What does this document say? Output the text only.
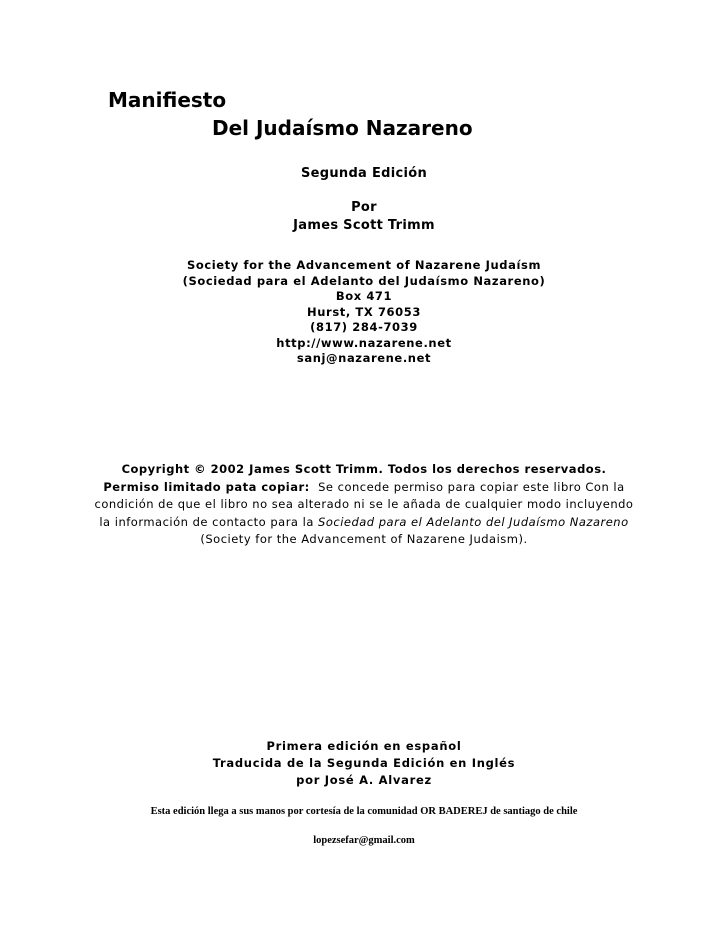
Manifiesto
Del Judaísmo Nazareno
Segunda Edición
Por
James Scott Trimm
Society for the Advancement of Nazarene Judaísm
(Sociedad para el Adelanto del Judaísmo Nazareno)
Box 471
Hurst, TX 76053
(817) 284-7039
http://www.nazarene.net
sanj@nazarene.net
Copyright © 2002 James Scott Trimm. Todos los derechos reservados.
Permiso limitado pata copiar: Se concede permiso para copiar este libro Con la
condición de que el libro no sea alterado ni se le añada de cualquier modo incluyendo
la información de contacto para la Sociedad para el Adelanto del Judaísmo Nazareno
(Society for the Advancement of Nazarene Judaism).
Primera edición en español
Traducida de la Segunda Edición en Inglés
por José A. Alvarez
Esta edición llega a sus manos por cortesía de la comunidad OR BADEREJ de santiago de chile
lopezsefar@gmail.com
